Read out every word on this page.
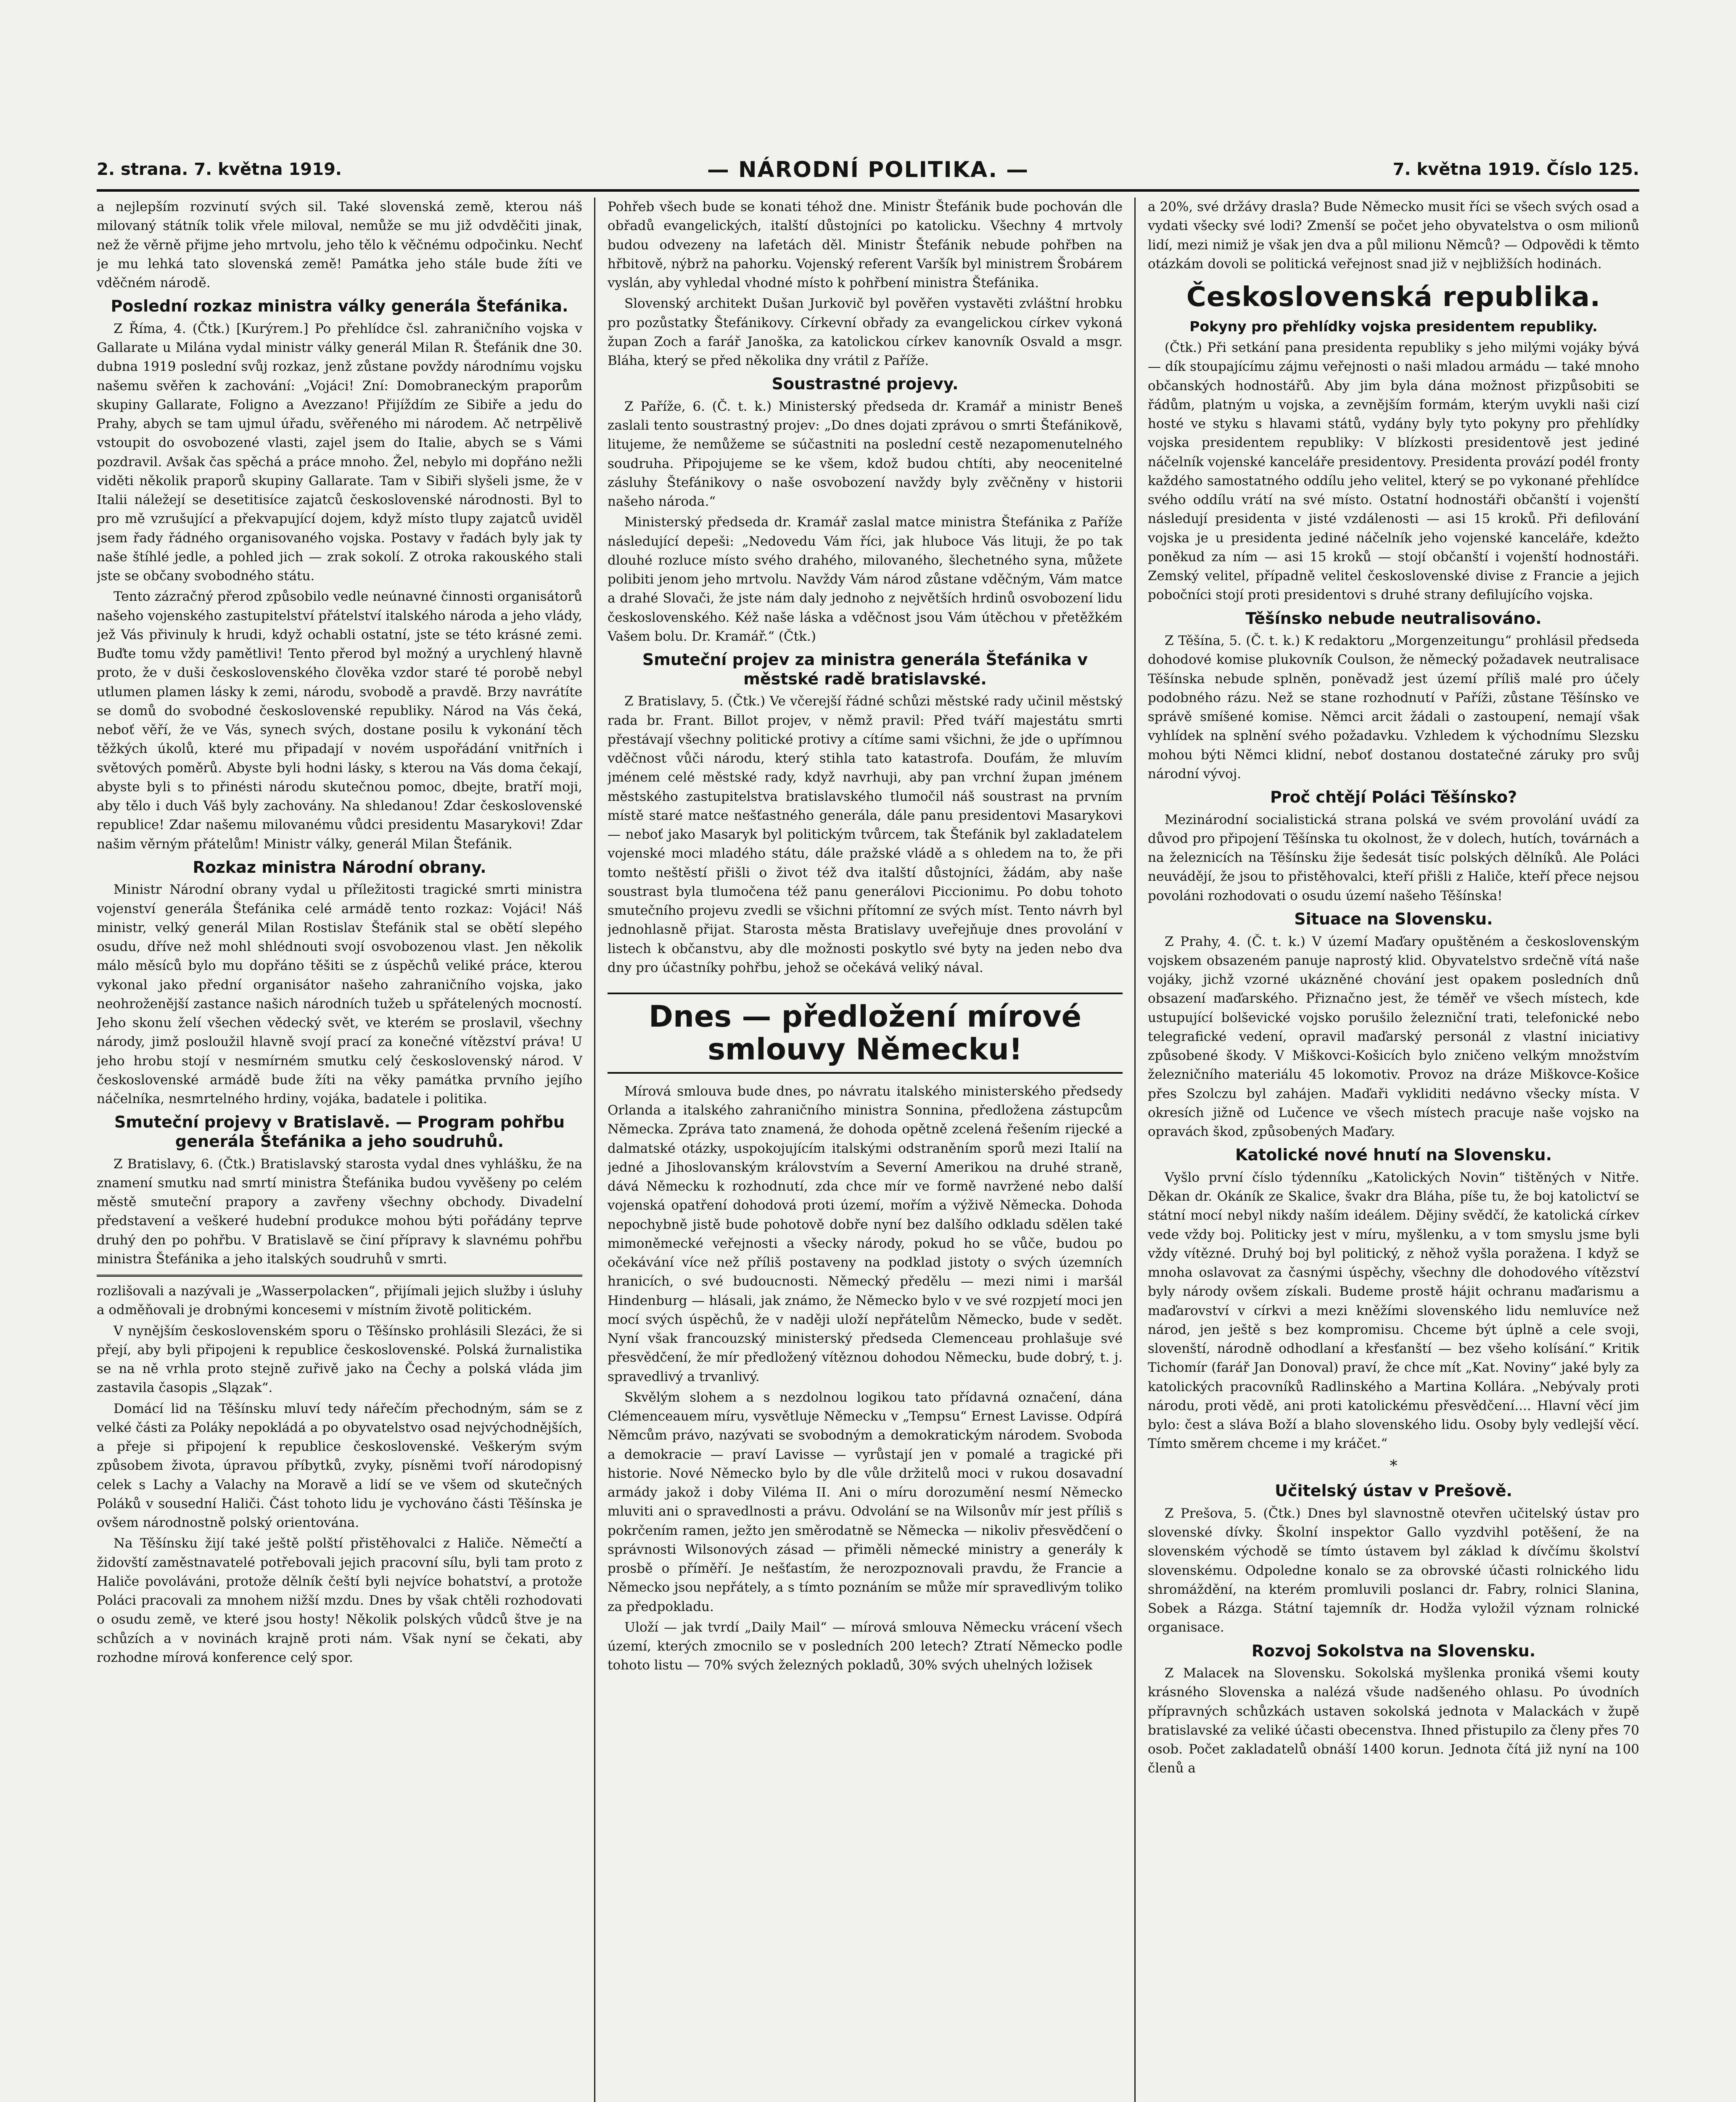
2. strana. 7. května 1919.	— NÁRODNÍ POLITIKA. —	7. května 1919. Číslo 125.

a nejlepším rozvinutí svých sil. Také slovenská země, kterou náš milovaný státník tolik vřele miloval, nemůže se mu již odvděčiti jinak, než že věrně přijme jeho mrtvolu, jeho tělo k věčnému odpočinku. Nechť je mu lehká tato slovenská země! Památka jeho stále bude žíti ve vděčném národě.

Poslední rozkaz ministra války generála Štefánika.

Z Říma, 4. (Čtk.) [Kurýrem.] Po přehlídce čsl. zahraničního vojska v Gallarate u Milána vydal ministr války generál Milan R. Štefánik dne 30. dubna 1919 poslední svůj rozkaz, jenž zůstane povždy národnímu vojsku našemu svěřen k zachování: „Vojáci! Zní: Domobraneckým praporům skupiny Gallarate, Foligno a Avezzano! Přijíždím ze Sibiře a jedu do Prahy, abych se tam ujmul úřadu, svěřeného mi národem. Ač netrpělivě vstoupit do osvobozené vlasti, zajel jsem do Italie, abych se s Vámi pozdravil. Avšak čas spěchá a práce mnoho. Žel, nebylo mi dopřáno nežli viděti několik praporů skupiny Gallarate. Tam v Sibiři slyšeli jsme, že v Italii náležejí se desetitisíce zajatců československé národnosti. Byl to pro mě vzrušující a překvapující dojem, když místo tlupy zajatců uviděl jsem řady řádného organisovaného vojska. Postavy v řadách byly jak ty naše štíhlé jedle, a pohled jich — zrak sokolí. Z otroka rakouského stali jste se občany svobodného státu.

Tento zázračný přerod způsobilo vedle neúnavné činnosti organisátorů našeho vojenského zastupitelství přátelství italského národa a jeho vlády, jež Vás přivinuly k hrudi, když ochabli ostatní, jste se této krásné zemi. Buďte tomu vždy pamětlivi! Tento přerod byl možný a urychlený hlavně proto, že v duši československého člověka vzdor staré té porobě nebyl utlumen plamen lásky k zemi, národu, svobodě a pravdě. Brzy navrátíte se domů do svobodné československé republiky. Národ na Vás čeká, neboť věří, že ve Vás, synech svých, dostane posilu k vykonání těch těžkých úkolů, které mu připadají v novém uspořádání vnitřních i světových poměrů. Abyste byli hodni lásky, s kterou na Vás doma čekají, abyste byli s to přinésti národu skutečnou pomoc, dbejte, bratří moji, aby tělo i duch Váš byly zachovány. Na shledanou! Zdar československé republice! Zdar našemu milovanému vůdci presidentu Masarykovi! Zdar našim věrným přátelům! Ministr války, generál Milan Štefánik.

Rozkaz ministra Národní obrany.

Ministr Národní obrany vydal u příležitosti tragické smrti ministra vojenství generála Štefánika celé armádě tento rozkaz: Vojáci! Náš ministr, velký generál Milan Rostislav Štefánik stal se obětí slepého osudu, dříve než mohl shlédnouti svojí osvobozenou vlast. Jen několik málo měsíců bylo mu dopřáno těšiti se z úspěchů veliké práce, kterou vykonal jako přední organisátor našeho zahraničního vojska, jako neohroženější zastance našich národních tužeb u spřátelených mocností. Jeho skonu želí všechen vědecký svět, ve kterém se proslavil, všechny národy, jimž posloužil hlavně svojí prací za konečné vítězství práva! U jeho hrobu stojí v nesmírném smutku celý československý národ. V československé armádě bude žíti na věky památka prvního jejího náčelníka, nesmrtelného hrdiny, vojáka, badatele i politika.

Smuteční projevy v Bratislavě. — Program pohřbu generála Štefánika a jeho soudruhů.

Z Bratislavy, 6. (Čtk.) Bratislavský starosta vydal dnes vyhlášku, že na znamení smutku nad smrtí ministra Štefánika budou vyvěšeny po celém městě smuteční prapory a zavřeny všechny obchody. Divadelní představení a veškeré hudební produkce mohou býti pořádány teprve druhý den po pohřbu. V Bratislavě se činí přípravy k slavnému pohřbu ministra Štefánika a jeho italských soudruhů v smrti.

rozlišovali a nazývali je „Wasserpolacken“, přijímali jejich služby i úsluhy a odměňovali je drobnými koncesemi v místním životě politickém.

V nynějším československém sporu o Těšínsko prohlásili Slezáci, že si přejí, aby byli připojeni k republice československé. Polská žurnalistika se na ně vrhla proto stejně zuřivě jako na Čechy a polská vláda jim zastavila časopis „Slązak“.

Domácí lid na Těšínsku mluví tedy nářečím přechodným, sám se z velké části za Poláky nepokládá a po obyvatelstvo osad nejvýchodnějších, a přeje si připojení k republice československé. Veškerým svým způsobem života, úpravou příbytků, zvyky, písněmi tvoří národopisný celek s Lachy a Valachy na Moravě a lidí se ve všem od skutečných Poláků v sousední Haliči. Část tohoto lidu je vychováno části Těšínska je ovšem národnostně polský orientována.

Na Těšínsku žijí také ještě polští přistěhovalci z Haliče. Němečtí a židovští zaměstnavatelé potřebovali jejich pracovní sílu, byli tam proto z Haliče povoláváni, protože dělník čeští byli nejvíce bohatství, a protože Poláci pracovali za mnohem nižší mzdu. Dnes by však chtěli rozhodovati o osudu země, ve které jsou hosty! Několik polských vůdců štve je na schůzích a v novinách krajně proti nám. Však nyní se čekati, aby rozhodne mírová konference celý spor.

Pohřeb všech bude se konati téhož dne. Ministr Štefánik bude pochován dle obřadů evangelických, italští důstojníci po katolicku. Všechny 4 mrtvoly budou odvezeny na lafetách děl. Ministr Štefánik nebude pohřben na hřbitově, nýbrž na pahorku. Vojenský referent Varšík byl ministrem Šrobárem vyslán, aby vyhledal vhodné místo k pohřbení ministra Štefánika.

Slovenský architekt Dušan Jurkovič byl pověřen vystavěti zvláštní hrobku pro pozůstatky Štefánikovy. Církevní obřady za evangelickou církev vykoná župan Zoch a farář Janoška, za katolickou církev kanovník Osvald a msgr. Bláha, který se před několika dny vrátil z Paříže.

Soustrastné projevy.

Z Paříže, 6. (Č. t. k.) Ministerský předseda dr. Kramář a ministr Beneš zaslali tento soustrastný projev: „Do dnes dojati zprávou o smrti Štefánikově, litujeme, že nemůžeme se súčastniti na poslední cestě nezapomenutelného soudruha. Připojujeme se ke všem, kdož budou chtíti, aby neocenitelné zásluhy Štefánikovy o naše osvobození navždy byly zvěčněny v historii našeho národa.“

Ministerský předseda dr. Kramář zaslal matce ministra Štefánika z Paříže následující depeši: „Nedovedu Vám říci, jak hluboce Vás lituji, že po tak dlouhé rozluce místo svého drahého, milovaného, šlechetného syna, můžete polibiti jenom jeho mrtvolu. Navždy Vám národ zůstane vděčným, Vám matce a drahé Slovači, že jste nám daly jednoho z největších hrdinů osvobození lidu československého. Kéž naše láska a vděčnost jsou Vám útěchou v přetěžkém Vašem bolu. Dr. Kramář.“ (Čtk.)

Smuteční projev za ministra generála Štefánika v městské radě bratislavské.

Z Bratislavy, 5. (Čtk.) Ve včerejší řádné schůzi městské rady učinil městský rada br. Frant. Billot projev, v němž pravil: Před tváří majestátu smrti přestávají všechny politické protivy a cítíme sami všichni, že jde o upřímnou vděčnost vůči národu, který stihla tato katastrofa. Doufám, že mluvím jménem celé městské rady, když navrhuji, aby pan vrchní župan jménem městského zastupitelstva bratislavského tlumočil náš soustrast na prvním místě staré matce nešťastného generála, dále panu presidentovi Masarykovi — neboť jako Masaryk byl politickým tvůrcem, tak Štefánik byl zakladatelem vojenské moci mladého státu, dále pražské vládě a s ohledem na to, že při tomto neštěstí přišli o život též dva italští důstojníci, žádám, aby naše soustrast byla tlumočena též panu generálovi Piccionimu. Po dobu tohoto smutečního projevu zvedli se všichni přítomní ze svých míst. Tento návrh byl jednohlasně přijat. Starosta města Bratislavy uveřejňuje dnes provolání v listech k občanstvu, aby dle možnosti poskytlo své byty na jeden nebo dva dny pro účastníky pohřbu, jehož se očekává veliký nával.

Dnes — předložení mírové smlouvy Německu!

Mírová smlouva bude dnes, po návratu italského ministerského předsedy Orlanda a italského zahraničního ministra Sonnina, předložena zástupcům Německa. Zpráva tato znamená, že dohoda opětně zcelená řešením rijecké a dalmatské otázky, uspokojujícím italskými odstraněním sporů mezi Italií na jedné a Jihoslovanským královstvím a Severní Amerikou na druhé straně, dává Německu k rozhodnutí, zda chce mír ve formě navržené nebo další vojenská opatření dohodová proti území, mořím a výživě Německa. Dohoda nepochybně jistě bude pohotově dobře nyní bez dalšího odkladu sdělen také mimoněmecké veřejnosti a všecky národy, pokud ho se vůče, budou po očekávání více než příliš postaveny na podklad jistoty o svých územních hranicích, o své budoucnosti. Německý předělu — mezi nimi i maršál Hindenburg — hlásali, jak známo, že Německo bylo v ve své rozpjetí moci jen mocí svých úspěchů, že v naději uloží nepřátelům Německo, bude v sedět. Nyní však francouzský ministerský předseda Clemenceau prohlašuje své přesvědčení, že mír předložený vítěznou dohodou Německu, bude dobrý, t. j. spravedlivý a trvanlivý.

Skvělým slohem a s nezdolnou logikou tato přídavná označení, dána Clémenceauem míru, vysvětluje Německu v „Tempsu“ Ernest Lavisse. Odpírá Němcům právo, nazývati se svobodným a demokratickým národem. Svoboda a demokracie — praví Lavisse — vyrůstají jen v pomalé a tragické při historie. Nové Německo bylo by dle vůle držitelů moci v rukou dosavadní armády jakož i doby Viléma II. Ani o míru dorozumění nesmí Německo mluviti ani o spravedlnosti a právu. Odvolání se na Wilsonův mír jest příliš s pokrčením ramen, ježto jen směrodatně se Německa — nikoliv přesvědčení o správnosti Wilsonových zásad — přiměli německé ministry a generály k prosbě o příměří. Je nešťastím, že nerozpoznovali pravdu, že Francie a Německo jsou nepřátely, a s tímto poznáním se může mír spravedlivým toliko za předpokladu.

Uloží — jak tvrdí „Daily Mail“ — mírová smlouva Německu vrácení všech území, kterých zmocnilo se v posledních 200 letech? Ztratí Německo podle tohoto listu — 70% svých železných pokladů, 30% svých uhelných ložisek

a 20%, své držávy drasla? Bude Německo musit říci se všech svých osad a vydati všecky své lodi? Zmenší se počet jeho obyvatelstva o osm milionů lidí, mezi nimiž je však jen dva a půl milionu Němců? — Odpovědi k těmto otázkám dovoli se politická veřejnost snad již v nejbližších hodinách.

Československá republika.
Pokyny pro přehlídky vojska presidentem republiky.

(Čtk.) Při setkání pana presidenta republiky s jeho milými vojáky bývá — dík stoupajícímu zájmu veřejnosti o naši mladou armádu — také mnoho občanských hodnostářů. Aby jim byla dána možnost přizpůsobiti se řádům, platným u vojska, a zevnějším formám, kterým uvykli naši cizí hosté ve styku s hlavami států, vydány byly tyto pokyny pro přehlídky vojska presidentem republiky: V blízkosti presidentově jest jediné náčelník vojenské kanceláře presidentovy. Presidenta provází podél fronty každého samostatného oddílu jeho velitel, který se po vykonané přehlídce svého oddílu vrátí na své místo. Ostatní hodnostáři občanští i vojenští následují presidenta v jisté vzdálenosti — asi 15 kroků. Při defilování vojska je u presidenta jediné náčelník jeho vojenské kanceláře, kdežto poněkud za ním — asi 15 kroků — stojí občanští i vojenští hodnostáři. Zemský velitel, případně velitel československé divise z Francie a jejich pobočníci stojí proti presidentovi s druhé strany defilujícího vojska.

Těšínsko nebude neutralisováno.

Z Těšína, 5. (Č. t. k.) K redaktoru „Morgenzeitungu“ prohlásil předseda dohodové komise plukovník Coulson, že německý požadavek neutralisace Těšínska nebude splněn, poněvadž jest území příliš malé pro účely podobného rázu. Než se stane rozhodnutí v Paříži, zůstane Těšínsko ve správě smíšené komise. Němci arcit žádali o zastoupení, nemají však vyhlídek na splnění svého požadavku. Vzhledem k východnímu Slezsku mohou býti Němci klidní, neboť dostanou dostatečné záruky pro svůj národní vývoj.

Proč chtějí Poláci Těšínsko?

Mezinárodní socialistická strana polská ve svém provolání uvádí za důvod pro připojení Těšínska tu okolnost, že v dolech, hutích, továrnách a na železnicích na Těšínsku žije šedesát tisíc polských dělníků. Ale Poláci neuvádějí, že jsou to přistěhovalci, kteří přišli z Haliče, kteří přece nejsou povoláni rozhodovati o osudu území našeho Těšínska!

Situace na Slovensku.

Z Prahy, 4. (Č. t. k.) V území Maďary opuštěném a československým vojskem obsazeném panuje naprostý klid. Obyvatelstvo srdečně vítá naše vojáky, jichž vzorné ukázněné chování jest opakem posledních dnů obsazení maďarského. Přiznačno jest, že téměř ve všech místech, kde ustupující bolševické vojsko porušilo železniční trati, telefonické nebo telegrafické vedení, opravil maďarský personál z vlastní iniciativy způsobené škody. V Miškovci-Košicích bylo zničeno velkým množstvím železničního materiálu 45 lokomotiv. Provoz na dráze Miškovce-Košice přes Szolczu byl zahájen. Maďaři vykliditi nedávno všecky místa. V okresích jižně od Lučence ve všech místech pracuje naše vojsko na opravách škod, způsobených Maďary.

Katolické nové hnutí na Slovensku.

Vyšlo první číslo týdenníku „Katolických Novin“ tištěných v Nitře. Děkan dr. Okáník ze Skalice, švakr dra Bláha, píše tu, že boj katolictví se státní mocí nebyl nikdy naším ideálem. Dějiny svědčí, že katolická církev vede vždy boj. Politicky jest v míru, myšlenku, a v tom smyslu jsme byli vždy vítězné. Druhý boj byl politický, z něhož vyšla poražena. I když se mnoha oslavovat za časnými úspěchy, všechny dle dohodového vítězství byly národy ovšem získali. Budeme prostě hájit ochranu maďarismu a maďarovství v církvi a mezi kněžími slovenského lidu nemluvíce než národ, jen ještě s bez kompromisu. Chceme být úplně a cele svoji, slovenští, národně odhodlaní a křesťanští — bez všeho kolísání.“ Kritik Tichomír (farář Jan Donoval) praví, že chce mít „Kat. Noviny“ jaké byly za katolických pracovníků Radlinského a Martina Kollára. „Nebývaly proti národu, proti vědě, ani proti katolickému přesvědčení.... Hlavní věcí jim bylo: čest a sláva Boží a blaho slovenského lidu. Osoby byly vedlejší věcí. Tímto směrem chceme i my kráčet.“

*
Učitelský ústav v Prešově.

Z Prešova, 5. (Čtk.) Dnes byl slavnostně otevřen učitelský ústav pro slovenské dívky. Školní inspektor Gallo vyzdvihl potěšení, že na slovenském východě se tímto ústavem byl základ k dívčímu školství slovenskému. Odpoledne konalo se za obrovské účasti rolnického lidu shromáždění, na kterém promluvili poslanci dr. Fabry, rolnici Slanina, Sobek a Rázga. Státní tajemník dr. Hodža vyložil význam rolnické organisace.

Rozvoj Sokolstva na Slovensku.

Z Malacek na Slovensku. Sokolská myšlenka proniká všemi kouty krásného Slovenska a nalézá všude nadšeného ohlasu. Po úvodních přípravných schůzkách ustaven sokolská jednota v Malackách v župě bratislavské za veliké účasti obecenstva. Ihned přistupilo za členy přes 70 osob. Počet zakladatelů obnáší 1400 korun. Jednota čítá již nyní na 100 členů a
